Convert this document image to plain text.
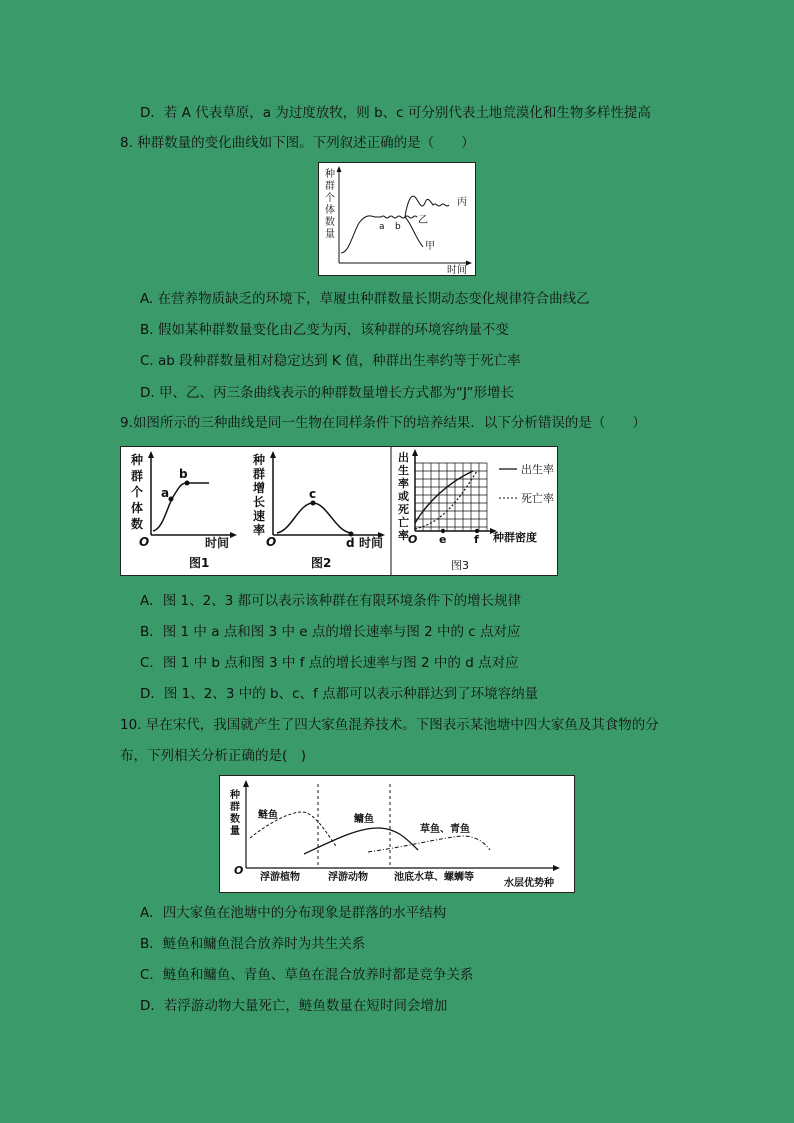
D．若 A 代表草原，a 为过度放牧，则 b、c 可分别代表土地荒漠化和生物多样性提高
8. 种群数量的变化曲线如下图。下列叙述正确的是（　　）
种
群
个
体
数
量
时间
a b
甲
乙
丙
A. 在营养物质缺乏的环境下，草履虫种群数量长期动态变化规律符合曲线乙
B. 假如某种群数量变化由乙变为丙，该种群的环境容纳量不变
C. ab 段种群数量相对稳定达到 K 值，种群出生率约等于死亡率
D. 甲、乙、丙三条曲线表示的种群数量增长方式都为“J”形增长
9.如图所示的三种曲线是同一生物在同样条件下的培养结果．以下分析错误的是（　　）
种
群
个
体
数
O	时间
a
b
图1
种
群
增
长
速
率
O	时间
c
d
图2
出
生
率
或
死
亡
率 O e	f 种群密度
出生率
死亡率
图3
A．图 1、2、3 都可以表示该种群在有限环境条件下的增长规律
B．图 1 中 a 点和图 3 中 e 点的增长速率与图 2 中的 c 点对应
C．图 1 中 b 点和图 3 中 f 点的增长速率与图 2 中的 d 点对应
D．图 1、2、3 中的 b、c、f 点都可以表示种群达到了环境容纳量
10. 早在宋代，我国就产生了四大家鱼混养技术。下图表示某池塘中四大家鱼及其食物的分
布，下列相关分析正确的是(　)
种
群
数
量
O
鲢鱼	鳙鱼
草鱼、青鱼
浮游植物	浮游动物	池底水草、螺蛳等
水层优势种
A．四大家鱼在池塘中的分布现象是群落的水平结构
B．鲢鱼和鳙鱼混合放养时为共生关系
C．鲢鱼和鳙鱼、青鱼、草鱼在混合放养时都是竞争关系
D．若浮游动物大量死亡，鲢鱼数量在短时间会增加
